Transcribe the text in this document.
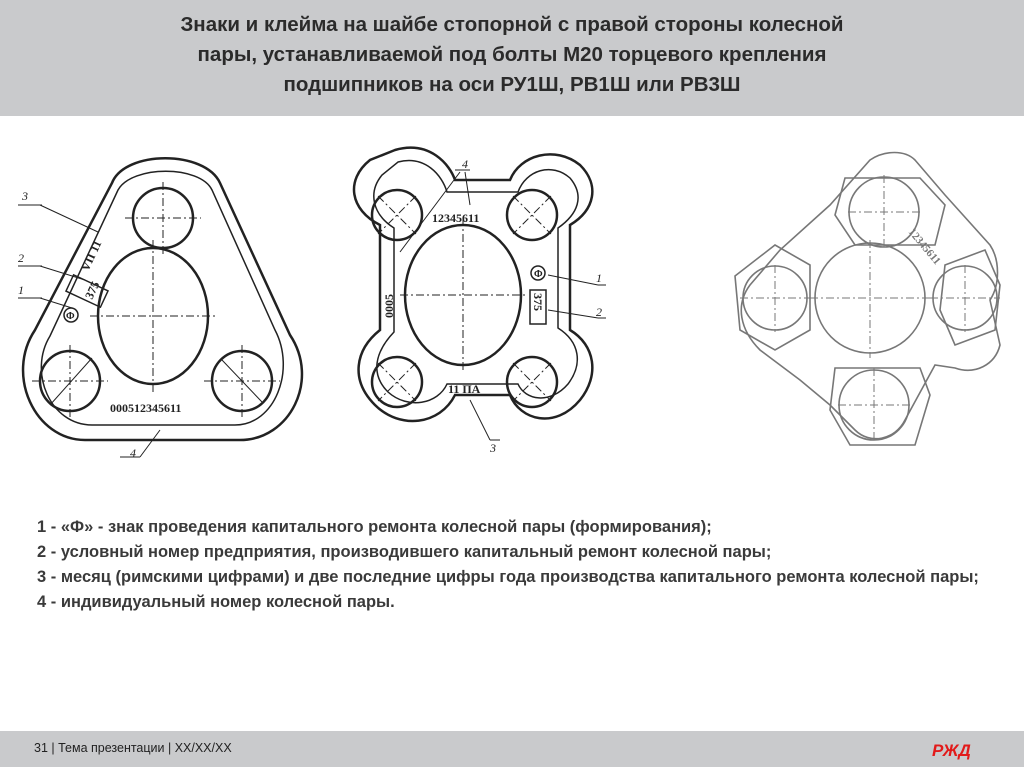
Знаки и клейма на шайбе стопорной с правой стороны колесной
пары, устанавливаемой под болты М20 торцевого крепления
подшипников на оси РУ1Ш, РВ1Ш или РВ3Ш
3
2
1
4
VII 11
375
Ф
000512345611
4
1
2
3
12345611
0005
Ф
375
11 ПА
12345611

1 - «Ф» - знак проведения капитального ремонта колесной пары (формирования);

2 - условный номер предприятия, производившего капитальный ремонт колесной пары;

3 - месяц (римскими цифрами) и две последние цифры года производства капитального ремонта колесной пары;

4 - индивидуальный номер колесной пары.

31 | Тема презентации | XX/XX/XX	РЖД
